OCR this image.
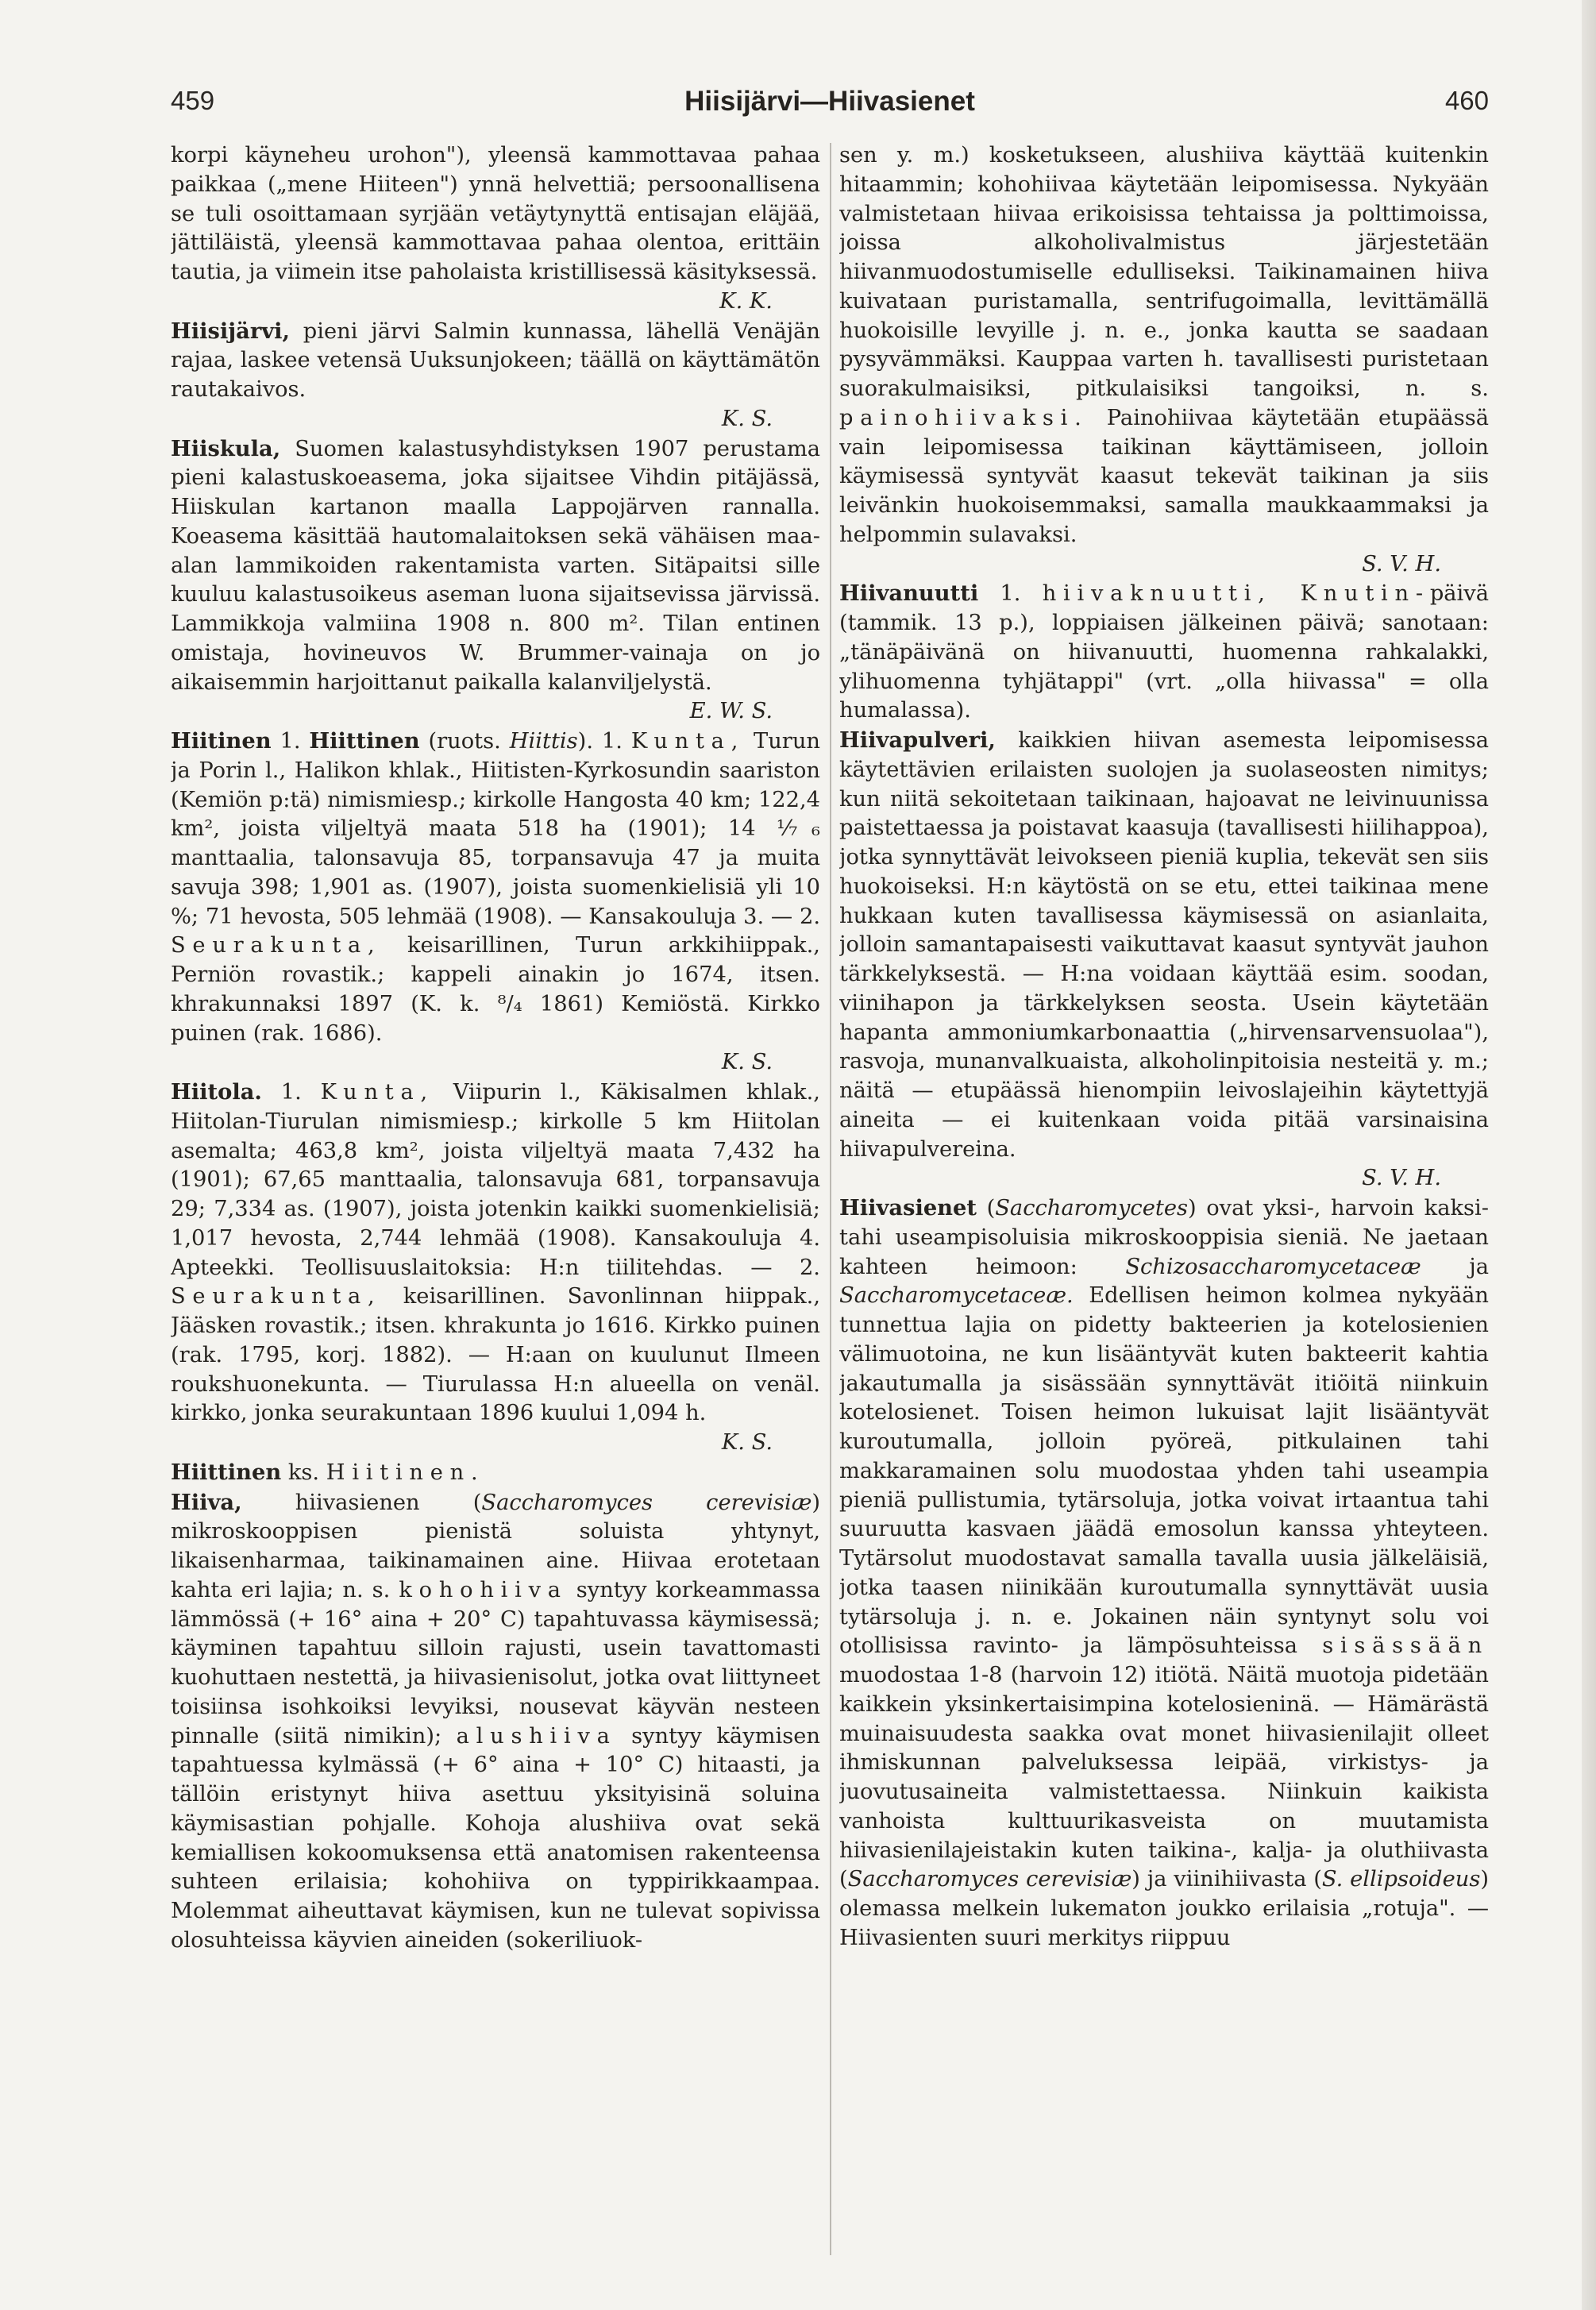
459	Hiisijärvi—Hiivasienet	460

korpi käyneheu urohon"), yleensä kammottavaa pahaa paikkaa („mene Hiiteen") ynnä helvettiä; persoonallisena se tuli osoittamaan syrjään vetäytynyttä entisajan eläjää, jättiläistä, yleensä kammottavaa pahaa olentoa, erittäin tautia, ja viimein itse paholaista kristillisessä käsityksessä.
K. K.

Hiisijärvi, pieni järvi Salmin kunnassa, lähellä Venäjän rajaa, laskee vetensä Uuksunjokeen; täällä on käyttämätön rautakaivos.
K. S.

Hiiskula, Suomen kalastusyhdistyksen 1907 perustama pieni kalastuskoeasema, joka sijaitsee Vihdin pitäjässä, Hiiskulan kartanon maalla Lappojärven rannalla. Koeasema käsittää hautomalaitoksen sekä vähäisen maa-alan lammikoiden rakentamista varten. Sitäpaitsi sille kuuluu kalastusoikeus aseman luona sijaitsevissa järvissä. Lammikkoja valmiina 1908 n. 800 m². Tilan entinen omistaja, hovineuvos W. Brummer-vainaja on jo aikaisemmin harjoittanut paikalla kalanviljelystä.
E. W. S.

Hiitinen 1. Hiittinen (ruots. Hiittis). 1. Kunta, Turun ja Porin l., Halikon khlak., Hiitisten-Kyrkosundin saariston (Kemiön p:tä) nimismiesp.; kirkolle Hangosta 40 km; 122,4 km², joista viljeltyä maata 518 ha (1901); 14 ⅐₆ manttaalia, talonsavuja 85, torpansavuja 47 ja muita savuja 398; 1,901 as. (1907), joista suomenkielisiä yli 10 %; 71 hevosta, 505 lehmää (1908). — Kansakouluja 3. — 2. Seurakunta, keisarillinen, Turun arkkihiippak., Perniön rovastik.; kappeli ainakin jo 1674, itsen. khrakunnaksi 1897 (K. k. ⁸/₄ 1861) Kemiöstä. Kirkko puinen (rak. 1686).
K. S.

Hiitola. 1. Kunta, Viipurin l., Käkisalmen khlak., Hiitolan-Tiurulan nimismiesp.; kirkolle 5 km Hiitolan asemalta; 463,8 km², joista viljeltyä maata 7,432 ha (1901); 67,65 manttaalia, talonsavuja 681, torpansavuja 29; 7,334 as. (1907), joista jotenkin kaikki suomenkielisiä; 1,017 hevosta, 2,744 lehmää (1908). Kansakouluja 4. Apteekki. Teollisuuslaitoksia: H:n tiilitehdas. — 2. Seurakunta, keisarillinen. Savonlinnan hiippak., Jääsken rovastik.; itsen. khrakunta jo 1616. Kirkko puinen (rak. 1795, korj. 1882). — H:aan on kuulunut Ilmeen roukshuonekunta. — Tiurulassa H:n alueella on venäl. kirkko, jonka seurakuntaan 1896 kuului 1,094 h.
K. S.

Hiittinen ks. Hiitinen.

Hiiva, hiivasienen (Saccharomyces cerevisiæ) mikroskooppisen pienistä soluista yhtynyt, likaisenharmaa, taikinamainen aine. Hiivaa erotetaan kahta eri lajia; n. s. kohohiiva syntyy korkeammassa lämmössä (+ 16° aina + 20° C) tapahtuvassa käymisessä; käyminen tapahtuu silloin rajusti, usein tavattomasti kuohuttaen nestettä, ja hiivasienisolut, jotka ovat liittyneet toisiinsa isohkoiksi levyiksi, nousevat käyvän nesteen pinnalle (siitä nimikin); alushiiva syntyy käymisen tapahtuessa kylmässä (+ 6° aina + 10° C) hitaasti, ja tällöin eristynyt hiiva asettuu yksityisinä soluina käymisastian pohjalle. Kohoja alushiiva ovat sekä kemiallisen kokoomuksensa että anatomisen rakenteensa suhteen erilaisia; kohohiiva on typpirikkaampaa. Molemmat aiheuttavat käymisen, kun ne tulevat sopivissa olosuhteissa käyvien aineiden (sokeriliuok-

sen y. m.) kosketukseen, alushiiva käyttää kuitenkin hitaammin; kohohiivaa käytetään leipomisessa. Nykyään valmistetaan hiivaa erikoisissa tehtaissa ja polttimoissa, joissa alkoholivalmistus järjestetään hiivanmuodostumiselle edulliseksi. Taikinamainen hiiva kuivataan puristamalla, sentrifugoimalla, levittämällä huokoisille levyille j. n. e., jonka kautta se saadaan pysyvämmäksi. Kauppaa varten h. tavallisesti puristetaan suorakulmaisiksi, pitkulaisiksi tangoiksi, n. s. painohiivaksi. Painohiivaa käytetään etupäässä vain leipomisessa taikinan käyttämiseen, jolloin käymisessä syntyvät kaasut tekevät taikinan ja siis leivänkin huokoisemmaksi, samalla maukkaammaksi ja helpommin sulavaksi.
S. V. H.

Hiivanuutti 1. hiivaknuutti, Knutin-päivä (tammik. 13 p.), loppiaisen jälkeinen päivä; sanotaan: „tänäpäivänä on hiivanuutti, huomenna rahkalakki, ylihuomenna tyhjätappi" (vrt. „olla hiivassa" = olla humalassa).

Hiivapulveri, kaikkien hiivan asemesta leipomisessa käytettävien erilaisten suolojen ja suolaseosten nimitys; kun niitä sekoitetaan taikinaan, hajoavat ne leivinuunissa paistettaessa ja poistavat kaasuja (tavallisesti hiilihappoa), jotka synnyttävät leivokseen pieniä kuplia, tekevät sen siis huokoiseksi. H:n käytöstä on se etu, ettei taikinaa mene hukkaan kuten tavallisessa käymisessä on asianlaita, jolloin samantapaisesti vaikuttavat kaasut syntyvät jauhon tärkkelyksestä. — H:na voidaan käyttää esim. soodan, viinihapon ja tärkkelyksen seosta. Usein käytetään hapanta ammoniumkarbonaattia („hirvensarvensuolaa"), rasvoja, munanvalkuaista, alkoholinpitoisia nesteitä y. m.; näitä — etupäässä hienompiin leivoslajeihin käytettyjä aineita — ei kuitenkaan voida pitää varsinaisina hiivapulvereina.
S. V. H.

Hiivasienet (Saccharomycetes) ovat yksi-, harvoin kaksi- tahi useampisoluisia mikroskooppisia sieniä. Ne jaetaan kahteen heimoon: Schizosaccharomycetaceæ ja Saccharomycetaceæ. Edellisen heimon kolmea nykyään tunnettua lajia on pidetty bakteerien ja kotelosienien välimuotoina, ne kun lisääntyvät kuten bakteerit kahtia jakautumalla ja sisässään synnyttävät itiöitä niinkuin kotelosienet. Toisen heimon lukuisat lajit lisääntyvät kuroutumalla, jolloin pyöreä, pitkulainen tahi makkaramainen solu muodostaa yhden tahi useampia pieniä pullistumia, tytärsoluja, jotka voivat irtaantua tahi suuruutta kasvaen jäädä emosolun kanssa yhteyteen. Tytärsolut muodostavat samalla tavalla uusia jälkeläisiä, jotka taasen niinikään kuroutumalla synnyttävät uusia tytärsoluja j. n. e. Jokainen näin syntynyt solu voi otollisissa ravinto- ja lämpösuhteissa sisässään muodostaa 1-8 (harvoin 12) itiötä. Näitä muotoja pidetään kaikkein yksinkertaisimpina kotelosieninä. — Hämärästä muinaisuudesta saakka ovat monet hiivasienilajit olleet ihmiskunnan palveluksessa leipää, virkistys- ja juovutusaineita valmistettaessa. Niinkuin kaikista vanhoista kulttuurikasveista on muutamista hiivasienilajeistakin kuten taikina-, kalja- ja oluthiivasta (Saccharomyces cerevisiæ) ja viinihiivasta (S. ellipsoideus) olemassa melkein lukematon joukko erilaisia „rotuja". — Hiivasienten suuri merkitys riippuu
